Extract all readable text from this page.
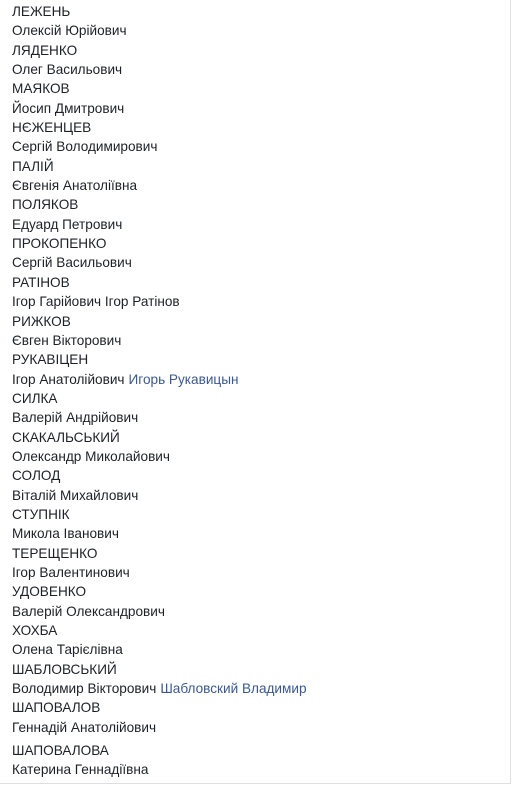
ЛЕЖЕНЬ
Олексій Юрійович
ЛЯДЕНКО
Олег Васильович
МАЯКОВ
Йосип Дмитрович
НЄЖЕНЦЕВ
Сергій Володимирович
ПАЛІЙ
Євгенія Анатоліївна
ПОЛЯКОВ
Едуард Петрович
ПРОКОПЕНКО
Сергій Васильович
РАТІНОВ
Ігор Гарійович Ігор Ратінов
РИЖКОВ
Євген Вікторович
РУКАВІЦЕН
Ігор Анатолійович Игорь Рукавицын
СИЛКА
Валерій Андрійович
СКАКАЛЬСЬКИЙ
Олександр Миколайович
СОЛОД
Віталій Михайлович
СТУПНІК
Микола Іванович
ТЕРЕЩЕНКО
Ігор Валентинович
УДОВЕНКО
Валерій Олександрович
ХОХБА
Олена Тарієлівна
ШАБЛОВСЬКИЙ
Володимир Вікторович Шабловский Владимир
ШАПОВАЛОВ
Геннадій Анатолійович
ШАПОВАЛОВА
Катерина Геннадіївна
